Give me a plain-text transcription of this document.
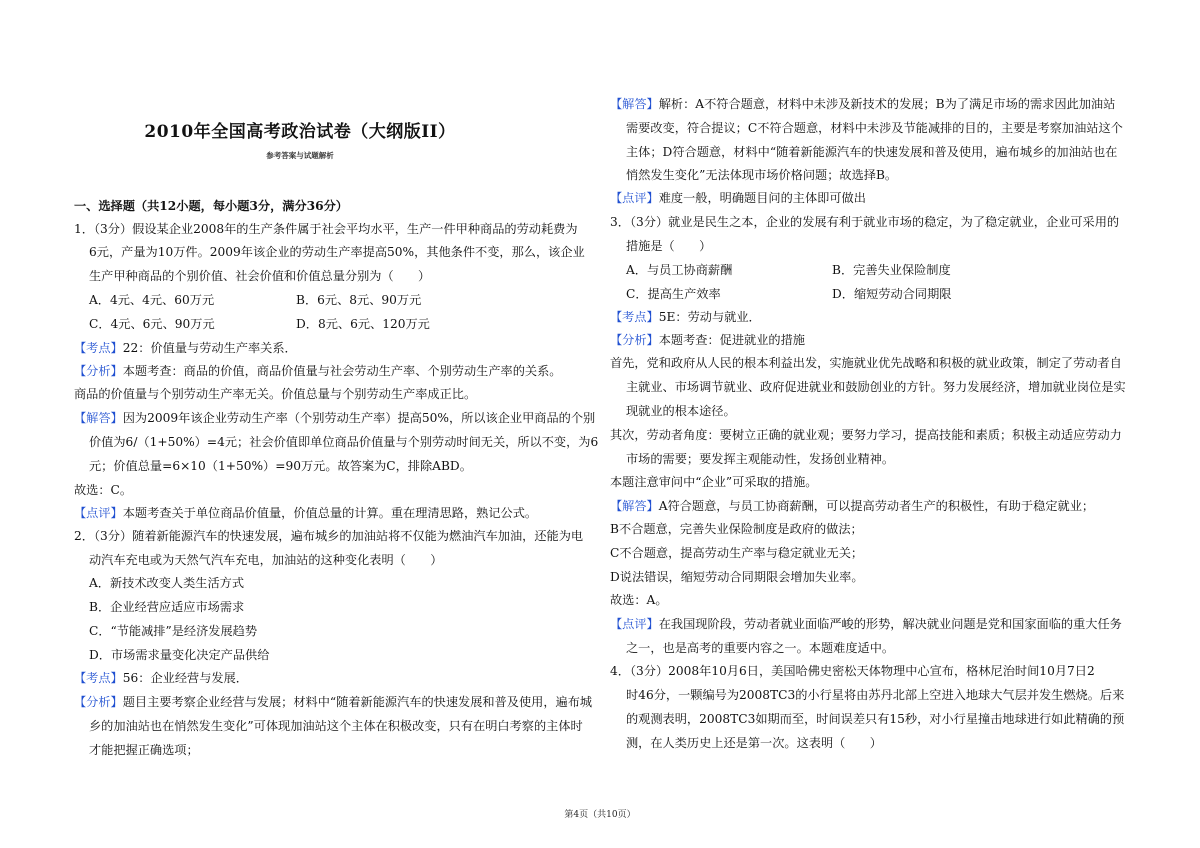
2010年全国高考政治试卷（大纲版II）
参考答案与试题解析
一、选择题（共12小题，每小题3分，满分36分）
1．（3分）假设某企业2008年的生产条件属于社会平均水平，生产一件甲种商品的劳动耗费为
6元，产量为10万件。2009年该企业的劳动生产率提高50%，其他条件不变，那么，该企业
生产甲种商品的个别价值、社会价值和价值总量分别为（　　）
A．4元、4元、60万元	B．6元、8元、90万元
C．4元、6元、90万元	D．8元、6元、120万元
【考点】22：价值量与劳动生产率关系．
【分析】本题考查：商品的价值，商品价值量与社会劳动生产率、个别劳动生产率的关系。
商品的价值量与个别劳动生产率无关。价值总量与个别劳动生产率成正比。
【解答】因为2009年该企业劳动生产率（个别劳动生产率）提高50%，所以该企业甲商品的个别
价值为6/（1+50%）=4元；社会价值即单位商品价值量与个别劳动时间无关，所以不变，为6
元；价值总量=6×10（1+50%）=90万元。故答案为C，排除ABD。
故选：C。
【点评】本题考查关于单位商品价值量，价值总量的计算。重在理清思路，熟记公式。
2．（3分）随着新能源汽车的快速发展，遍布城乡的加油站将不仅能为燃油汽车加油，还能为电
动汽车充电或为天然气汽车充电，加油站的这种变化表明（　　）
A．新技术改变人类生活方式
B．企业经营应适应市场需求
C．“节能减排”是经济发展趋势
D．市场需求量变化决定产品供给
【考点】56：企业经营与发展．
【分析】题目主要考察企业经营与发展；材料中“随着新能源汽车的快速发展和普及使用，遍布城
乡的加油站也在悄然发生变化”可体现加油站这个主体在积极改变，只有在明白考察的主体时
才能把握正确选项；
【解答】解析：A不符合题意，材料中未涉及新技术的发展；B为了满足市场的需求因此加油站
需要改变，符合提议；C不符合题意，材料中未涉及节能减排的目的，主要是考察加油站这个
主体；D符合题意，材料中“随着新能源汽车的快速发展和普及使用，遍布城乡的加油站也在
悄然发生变化”无法体现市场价格问题；故选择B。
【点评】难度一般，明确题目问的主体即可做出
3．（3分）就业是民生之本，企业的发展有利于就业市场的稳定，为了稳定就业，企业可采用的
措施是（　　）
A．与员工协商薪酬	B．完善失业保险制度
C．提高生产效率	D．缩短劳动合同期限
【考点】5E：劳动与就业．
【分析】本题考查：促进就业的措施
首先，党和政府从人民的根本利益出发，实施就业优先战略和积极的就业政策，制定了劳动者自
主就业、市场调节就业、政府促进就业和鼓励创业的方针。努力发展经济，增加就业岗位是实
现就业的根本途径。
其次，劳动者角度：要树立正确的就业观；要努力学习，提高技能和素质；积极主动适应劳动力
市场的需要；要发挥主观能动性，发扬创业精神。
本题注意审问中“企业”可采取的措施。
【解答】A符合题意，与员工协商薪酬，可以提高劳动者生产的积极性，有助于稳定就业；
B不合题意，完善失业保险制度是政府的做法；
C不合题意，提高劳动生产率与稳定就业无关；
D说法错误，缩短劳动合同期限会增加失业率。
故选：A。
【点评】在我国现阶段，劳动者就业面临严峻的形势，解决就业问题是党和国家面临的重大任务
之一，也是高考的重要内容之一。本题难度适中。
4．（3分）2008年10月6日，美国哈佛史密松天体物理中心宣布，格林尼治时间10月7日2
时46分，一颗编号为2008TC3的小行星将由苏丹北部上空进入地球大气层并发生燃烧。后来
的观测表明，2008TC3如期而至，时间误差只有15秒，对小行星撞击地球进行如此精确的预
测，在人类历史上还是第一次。这表明（　　）
第4页（共10页）
